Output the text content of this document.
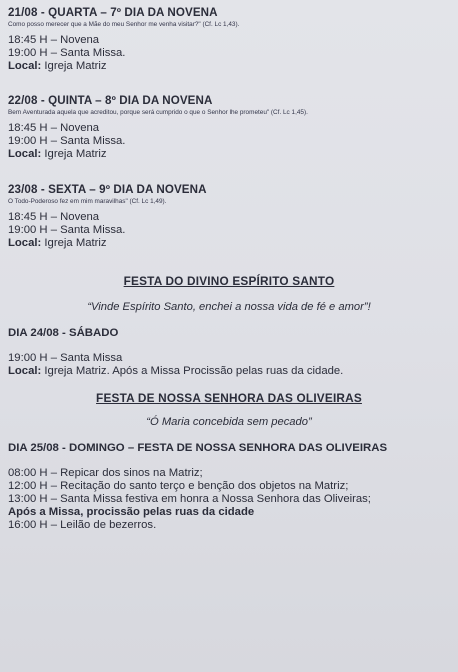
21/08 - QUARTA – 7º DIA DA NOVENA
Como posso merecer que a Mãe do meu Senhor me venha visitar?" (Cf. Lc 1,43).
18:45 H – Novena
19:00 H – Santa Missa.
Local: Igreja Matriz
22/08 - QUINTA – 8º DIA DA NOVENA
Bem Aventurada aquela que acreditou, porque será cumprido o que o Senhor lhe prometeu" (Cf. Lc 1,45).
18:45 H – Novena
19:00 H – Santa Missa.
Local: Igreja Matriz
23/08 - SEXTA – 9º DIA DA NOVENA
O Todo-Poderoso fez em mim maravilhas" (Cf. Lc 1,49).
18:45 H – Novena
19:00 H – Santa Missa.
Local: Igreja Matriz
FESTA DO DIVINO ESPÍRITO SANTO
“Vinde Espírito Santo, enchei a nossa vida de fé e amor”!
DIA 24/08 - SÁBADO
19:00 H – Santa Missa
Local: Igreja Matriz. Após a Missa Procissão pelas ruas da cidade.
FESTA DE NOSSA SENHORA DAS OLIVEIRAS
“Ó Maria concebida sem pecado”
DIA 25/08 - DOMINGO – FESTA DE NOSSA SENHORA DAS OLIVEIRAS
08:00 H – Repicar dos sinos na Matriz;
12:00 H – Recitação do santo terço e benção dos objetos na Matriz;
13:00 H – Santa Missa festiva em honra a Nossa Senhora das Oliveiras;
Após a Missa, procissão pelas ruas da cidade
16:00 H – Leilão de bezerros.
